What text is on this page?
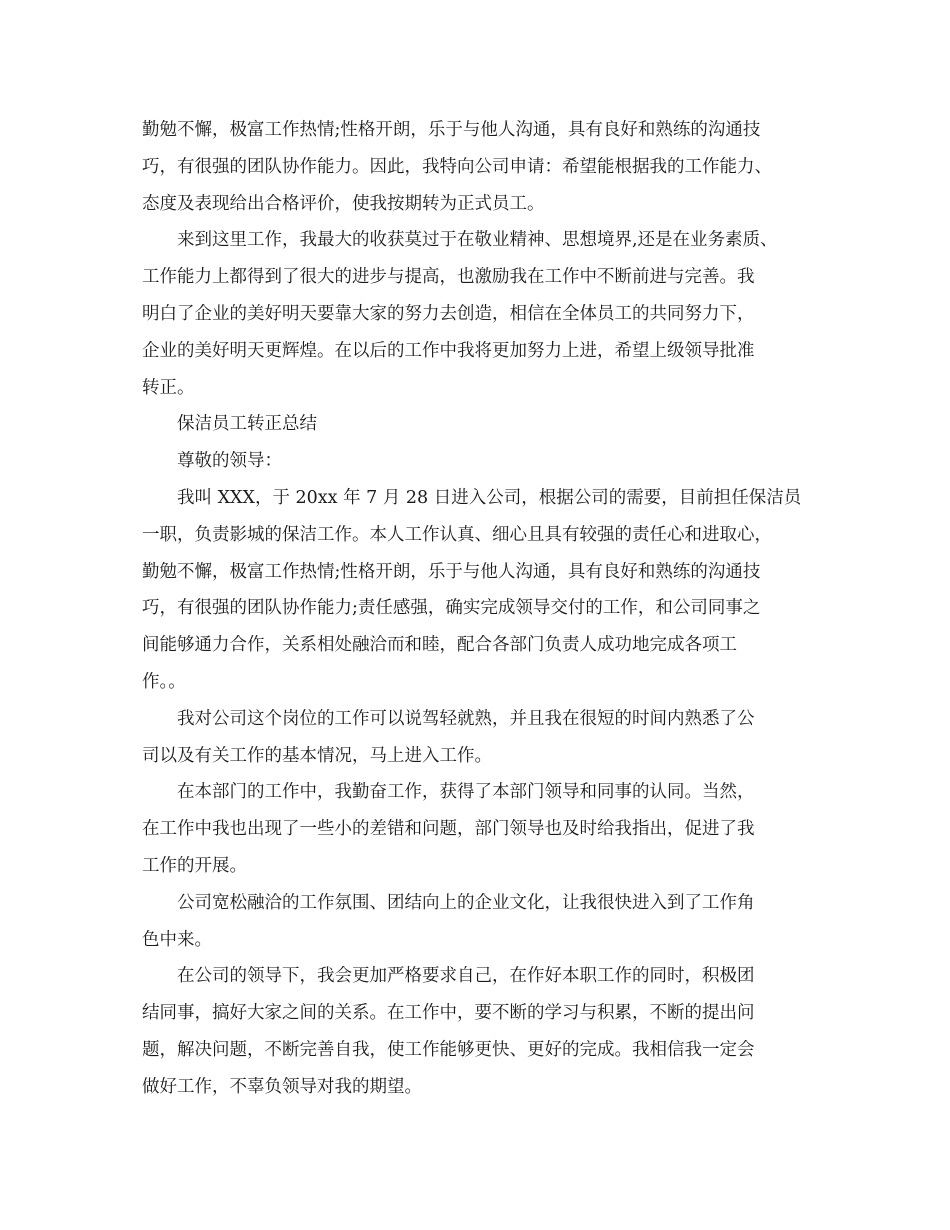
勤勉不懈，极富工作热情;性格开朗，乐于与他人沟通，具有良好和熟练的沟通技
巧，有很强的团队协作能力。因此，我特向公司申请：希望能根据我的工作能力、
态度及表现给出合格评价，使我按期转为正式员工。
来到这里工作，我最大的收获莫过于在敬业精神、思想境界,还是在业务素质、
工作能力上都得到了很大的进步与提高，也激励我在工作中不断前进与完善。我
明白了企业的美好明天要靠大家的努力去创造，相信在全体员工的共同努力下，
企业的美好明天更辉煌。在以后的工作中我将更加努力上进，希望上级领导批准
转正。
保洁员工转正总结
尊敬的领导：
我叫 XXX，于 20xx 年 7 月 28 日进入公司，根据公司的需要，目前担任保洁员
一职，负责影城的保洁工作。本人工作认真、细心且具有较强的责任心和进取心，
勤勉不懈，极富工作热情;性格开朗，乐于与他人沟通，具有良好和熟练的沟通技
巧，有很强的团队协作能力;责任感强，确实完成领导交付的工作，和公司同事之
间能够通力合作，关系相处融洽而和睦，配合各部门负责人成功地完成各项工
作。。
我对公司这个岗位的工作可以说驾轻就熟，并且我在很短的时间内熟悉了公
司以及有关工作的基本情况，马上进入工作。
在本部门的工作中，我勤奋工作，获得了本部门领导和同事的认同。当然，
在工作中我也出现了一些小的差错和问题，部门领导也及时给我指出，促进了我
工作的开展。
公司宽松融洽的工作氛围、团结向上的企业文化，让我很快进入到了工作角
色中来。
在公司的领导下，我会更加严格要求自己，在作好本职工作的同时，积极团
结同事，搞好大家之间的关系。在工作中，要不断的学习与积累，不断的提出问
题，解决问题，不断完善自我，使工作能够更快、更好的完成。我相信我一定会
做好工作，不辜负领导对我的期望。
